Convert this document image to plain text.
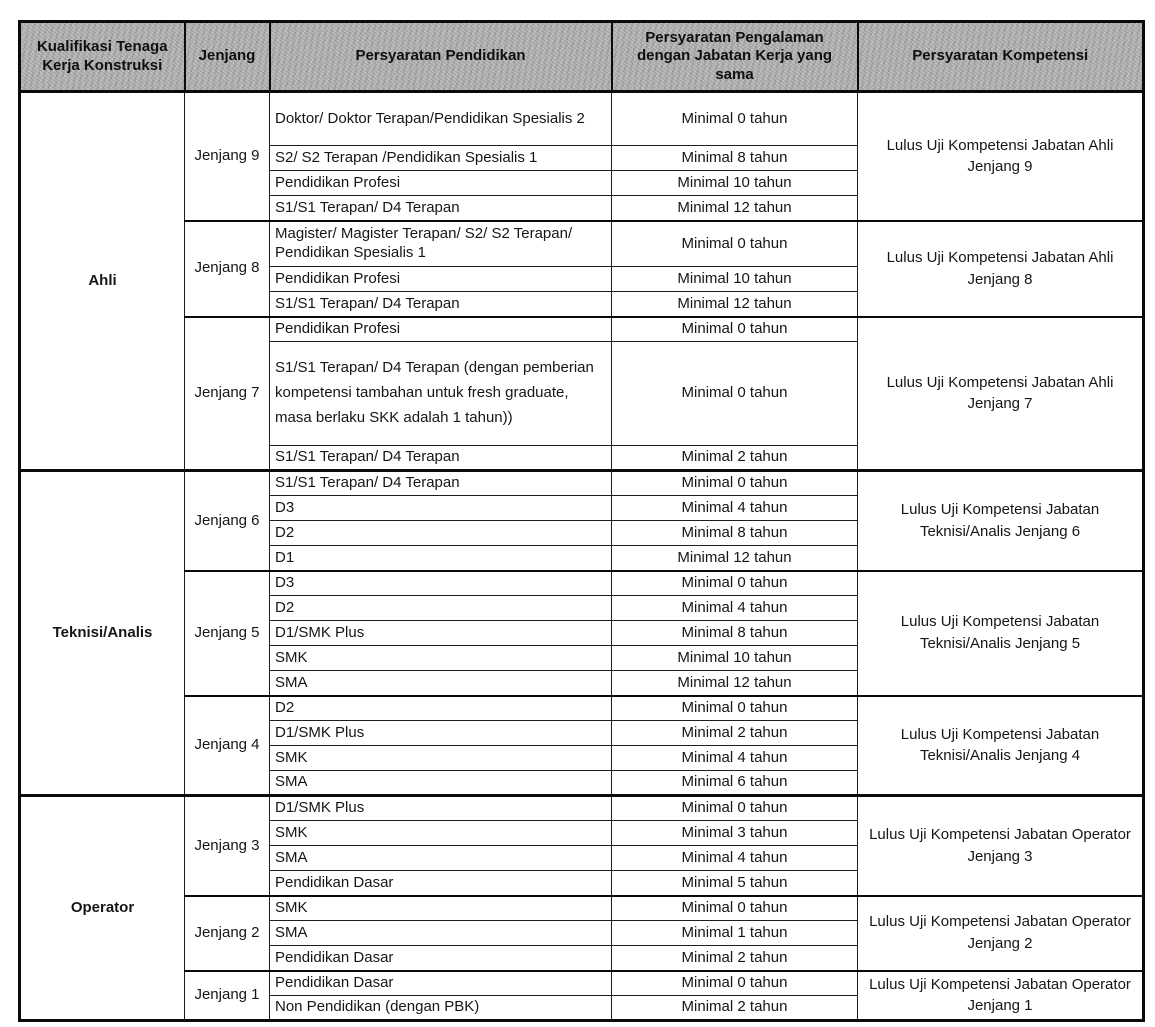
Kualifikasi Tenaga Kerja Konstruksi	Jenjang	Persyaratan Pendidikan	Persyaratan Pengalaman dengan Jabatan Kerja yang sama	Persyaratan Kompetensi
Ahli	Jenjang 9	Doktor/ Doktor Terapan/Pendidikan Spesialis 2	Minimal 0 tahun	Lulus Uji Kompetensi Jabatan Ahli Jenjang 9
		S2/ S2 Terapan /Pendidikan Spesialis 1	Minimal 8 tahun	
		Pendidikan Profesi	Minimal 10 tahun	
		S1/S1 Terapan/ D4 Terapan	Minimal 12 tahun	
	Jenjang 8	Magister/ Magister Terapan/ S2/ S2 Terapan/ Pendidikan Spesialis 1	Minimal 0 tahun	Lulus Uji Kompetensi Jabatan Ahli Jenjang 8
		Pendidikan Profesi	Minimal 10 tahun	
		S1/S1 Terapan/ D4 Terapan	Minimal 12 tahun	
	Jenjang 7	Pendidikan Profesi	Minimal 0 tahun	Lulus Uji Kompetensi Jabatan Ahli Jenjang 7
		S1/S1 Terapan/ D4 Terapan (dengan pemberian kompetensi tambahan untuk fresh graduate, masa berlaku SKK adalah 1 tahun))	Minimal 0 tahun	
		S1/S1 Terapan/ D4 Terapan	Minimal 2 tahun	
Teknisi/Analis	Jenjang 6	S1/S1 Terapan/ D4 Terapan	Minimal 0 tahun	Lulus Uji Kompetensi Jabatan Teknisi/Analis Jenjang 6
		D3	Minimal 4 tahun	
		D2	Minimal 8 tahun	
		D1	Minimal 12 tahun	
	Jenjang 5	D3	Minimal 0 tahun	Lulus Uji Kompetensi Jabatan Teknisi/Analis Jenjang 5
		D2	Minimal 4 tahun	
		D1/SMK Plus	Minimal 8 tahun	
		SMK	Minimal 10 tahun	
		SMA	Minimal 12 tahun	
	Jenjang 4	D2	Minimal 0 tahun	Lulus Uji Kompetensi Jabatan Teknisi/Analis Jenjang 4
		D1/SMK Plus	Minimal 2 tahun	
		SMK	Minimal 4 tahun	
		SMA	Minimal 6 tahun	
Operator	Jenjang 3	D1/SMK Plus	Minimal 0 tahun	Lulus Uji Kompetensi Jabatan Operator Jenjang 3
		SMK	Minimal 3 tahun	
		SMA	Minimal 4 tahun	
		Pendidikan Dasar	Minimal 5 tahun	
	Jenjang 2	SMK	Minimal 0 tahun	Lulus Uji Kompetensi Jabatan Operator Jenjang 2
		SMA	Minimal 1 tahun	
		Pendidikan Dasar	Minimal 2 tahun	
	Jenjang 1	Pendidikan Dasar	Minimal 0 tahun	Lulus Uji Kompetensi Jabatan Operator Jenjang 1
		Non Pendidikan (dengan PBK)	Minimal 2 tahun	
